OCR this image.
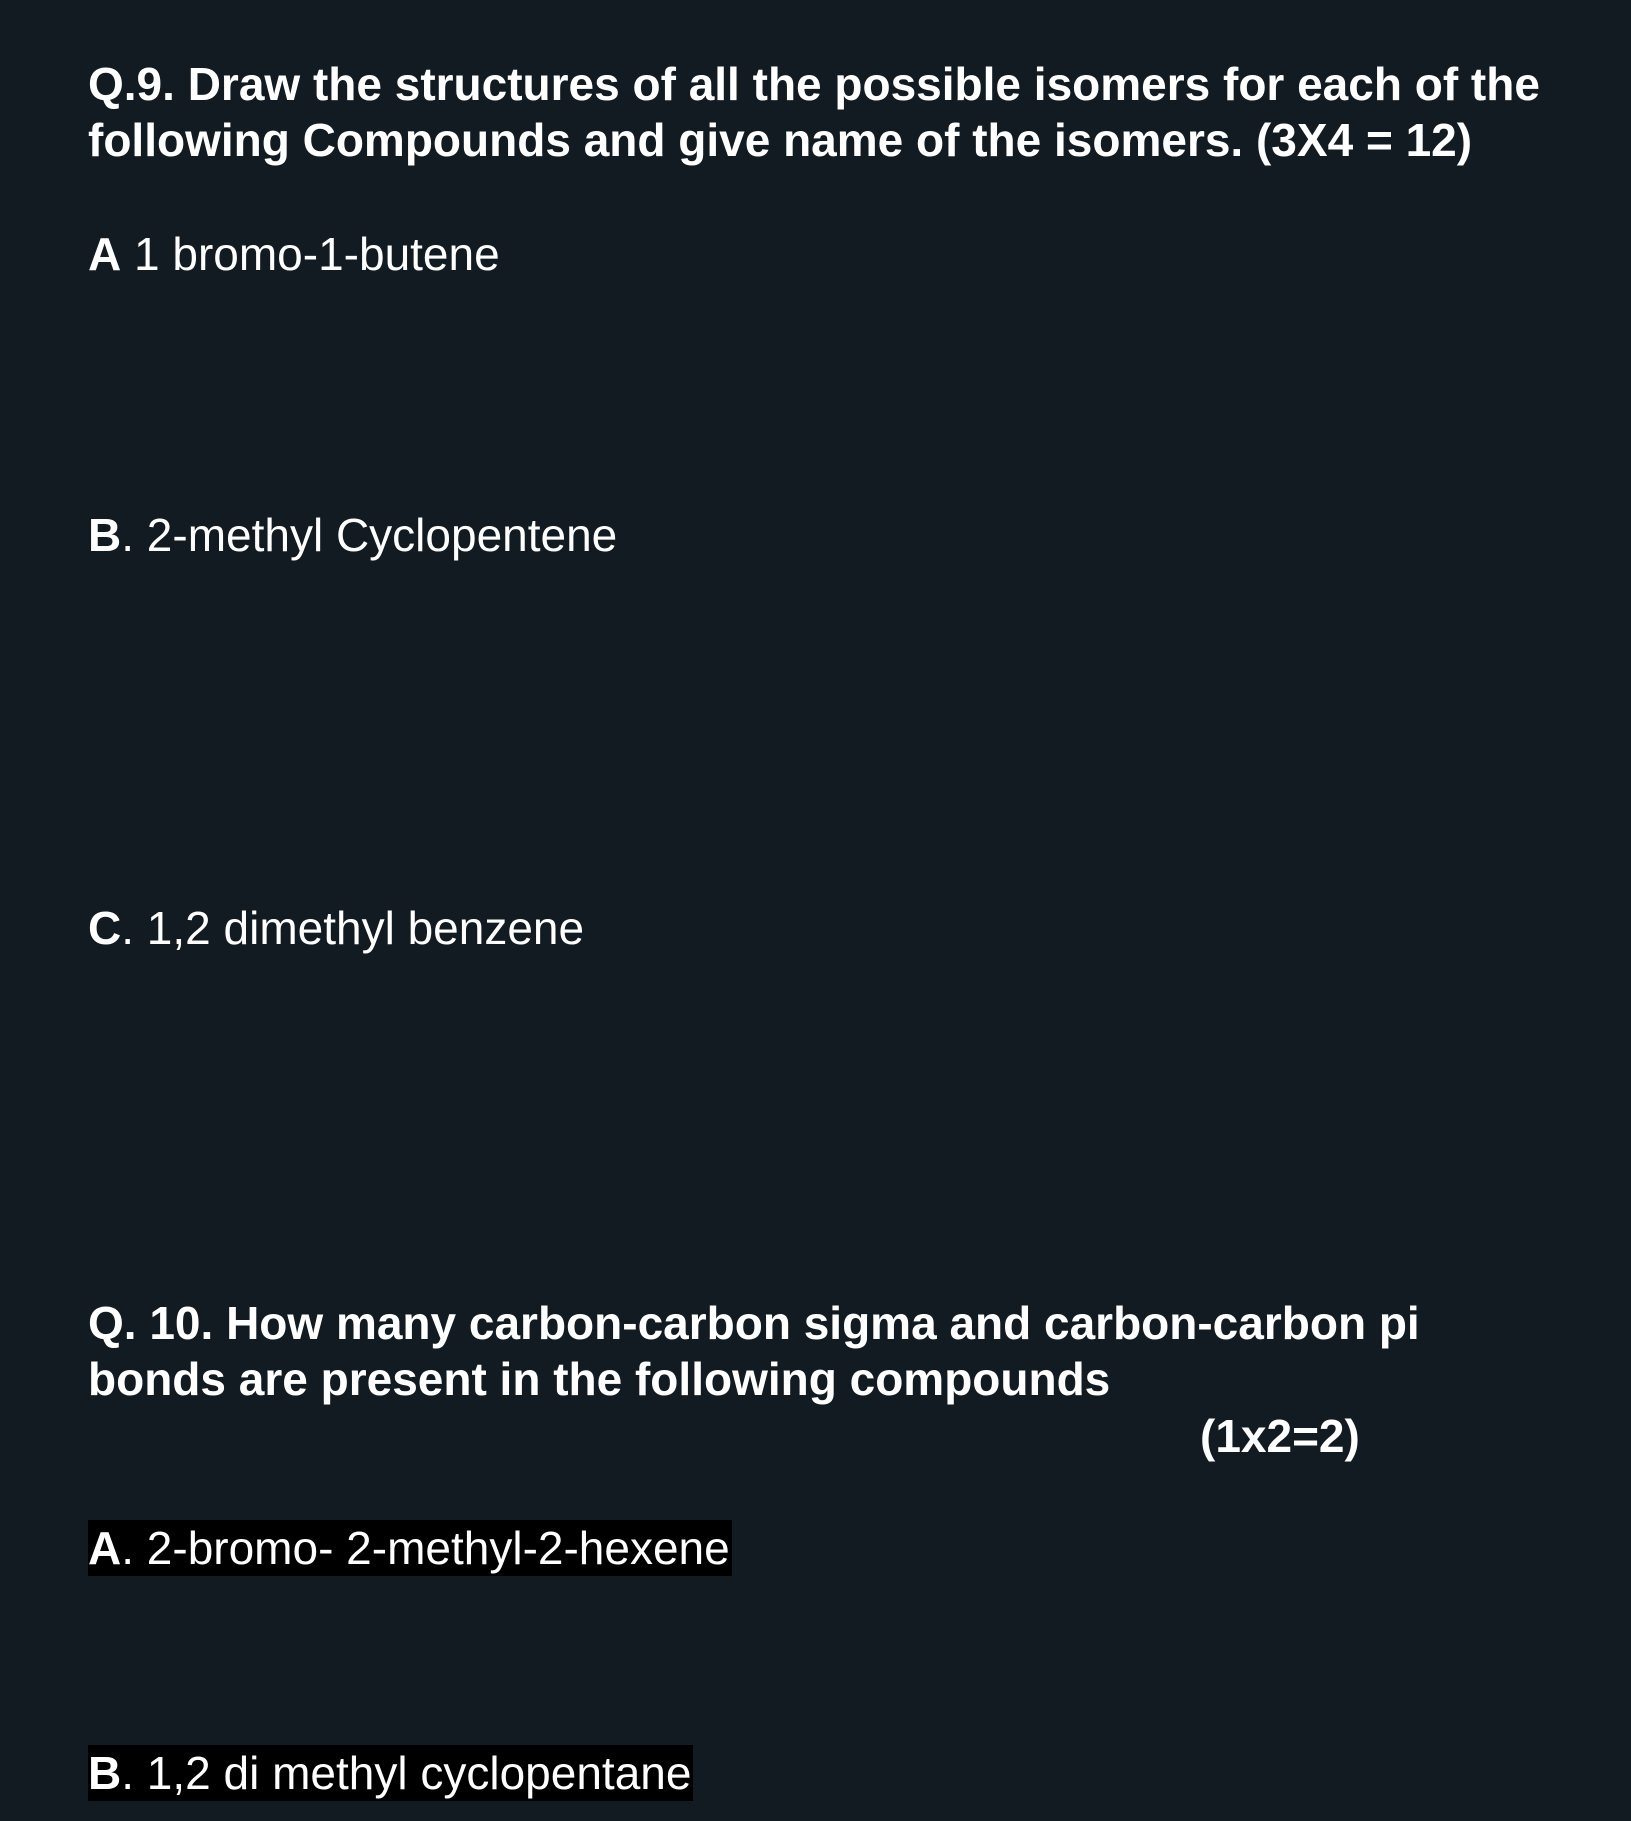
Q.9. Draw the structures of all the possible isomers for each of the following Compounds and give name of the isomers. (3X4 = 12)

A 1 bromo-1-butene

B. 2-methyl Cyclopentene

C. 1,2 dimethyl benzene

Q. 10. How many carbon-carbon sigma and carbon-carbon pi bonds are present in the following compounds

(1x2=2)

A. 2-bromo- 2-methyl-2-hexene

B. 1,2 di methyl cyclopentane
